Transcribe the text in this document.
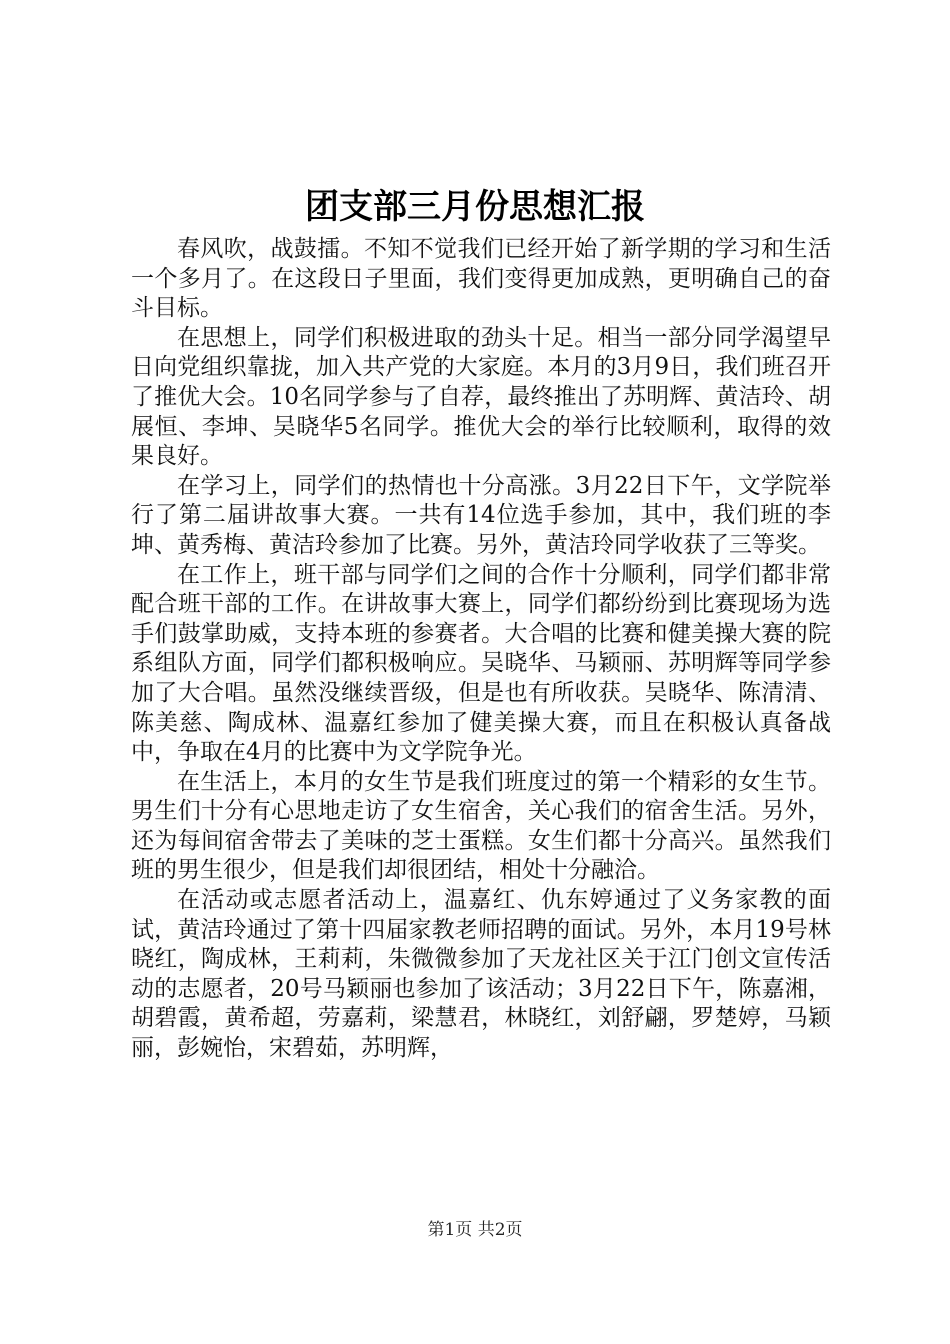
团支部三月份思想汇报

春风吹，战鼓擂。不知不觉我们已经开始了新学期的学习和生活一个多月了。在这段日子里面，我们变得更加成熟，更明确自己的奋斗目标。

在思想上，同学们积极进取的劲头十足。相当一部分同学渴望早日向党组织靠拢，加入共产党的大家庭。本月的3月9日，我们班召开了推优大会。10名同学参与了自荐，最终推出了苏明辉、黄洁玲、胡展恒、李坤、吴晓华5名同学。推优大会的举行比较顺利，取得的效果良好。

在学习上，同学们的热情也十分高涨。3月22日下午，文学院举行了第二届讲故事大赛。一共有14位选手参加，其中，我们班的李坤、黄秀梅、黄洁玲参加了比赛。另外，黄洁玲同学收获了三等奖。

在工作上，班干部与同学们之间的合作十分顺利，同学们都非常配合班干部的工作。在讲故事大赛上，同学们都纷纷到比赛现场为选手们鼓掌助威，支持本班的参赛者。大合唱的比赛和健美操大赛的院系组队方面，同学们都积极响应。吴晓华、马颖丽、苏明辉等同学参加了大合唱。虽然没继续晋级，但是也有所收获。吴晓华、陈清清、陈美慈、陶成林、温嘉红参加了健美操大赛，而且在积极认真备战中，争取在4月的比赛中为文学院争光。

在生活上，本月的女生节是我们班度过的第一个精彩的女生节。男生们十分有心思地走访了女生宿舍，关心我们的宿舍生活。另外，还为每间宿舍带去了美味的芝士蛋糕。女生们都十分高兴。虽然我们班的男生很少，但是我们却很团结，相处十分融洽。

在活动或志愿者活动上，温嘉红、仇东婷通过了义务家教的面试，黄洁玲通过了第十四届家教老师招聘的面试。另外，本月19号林晓红，陶成林，王莉莉，朱微微参加了天龙社区关于江门创文宣传活动的志愿者，20号马颖丽也参加了该活动；3月22日下午，陈嘉湘，胡碧霞，黄希超，劳嘉莉，梁慧君，林晓红，刘舒翩，罗楚婷，马颖丽，彭婉怡，宋碧茹，苏明辉，

第1页 共2页
